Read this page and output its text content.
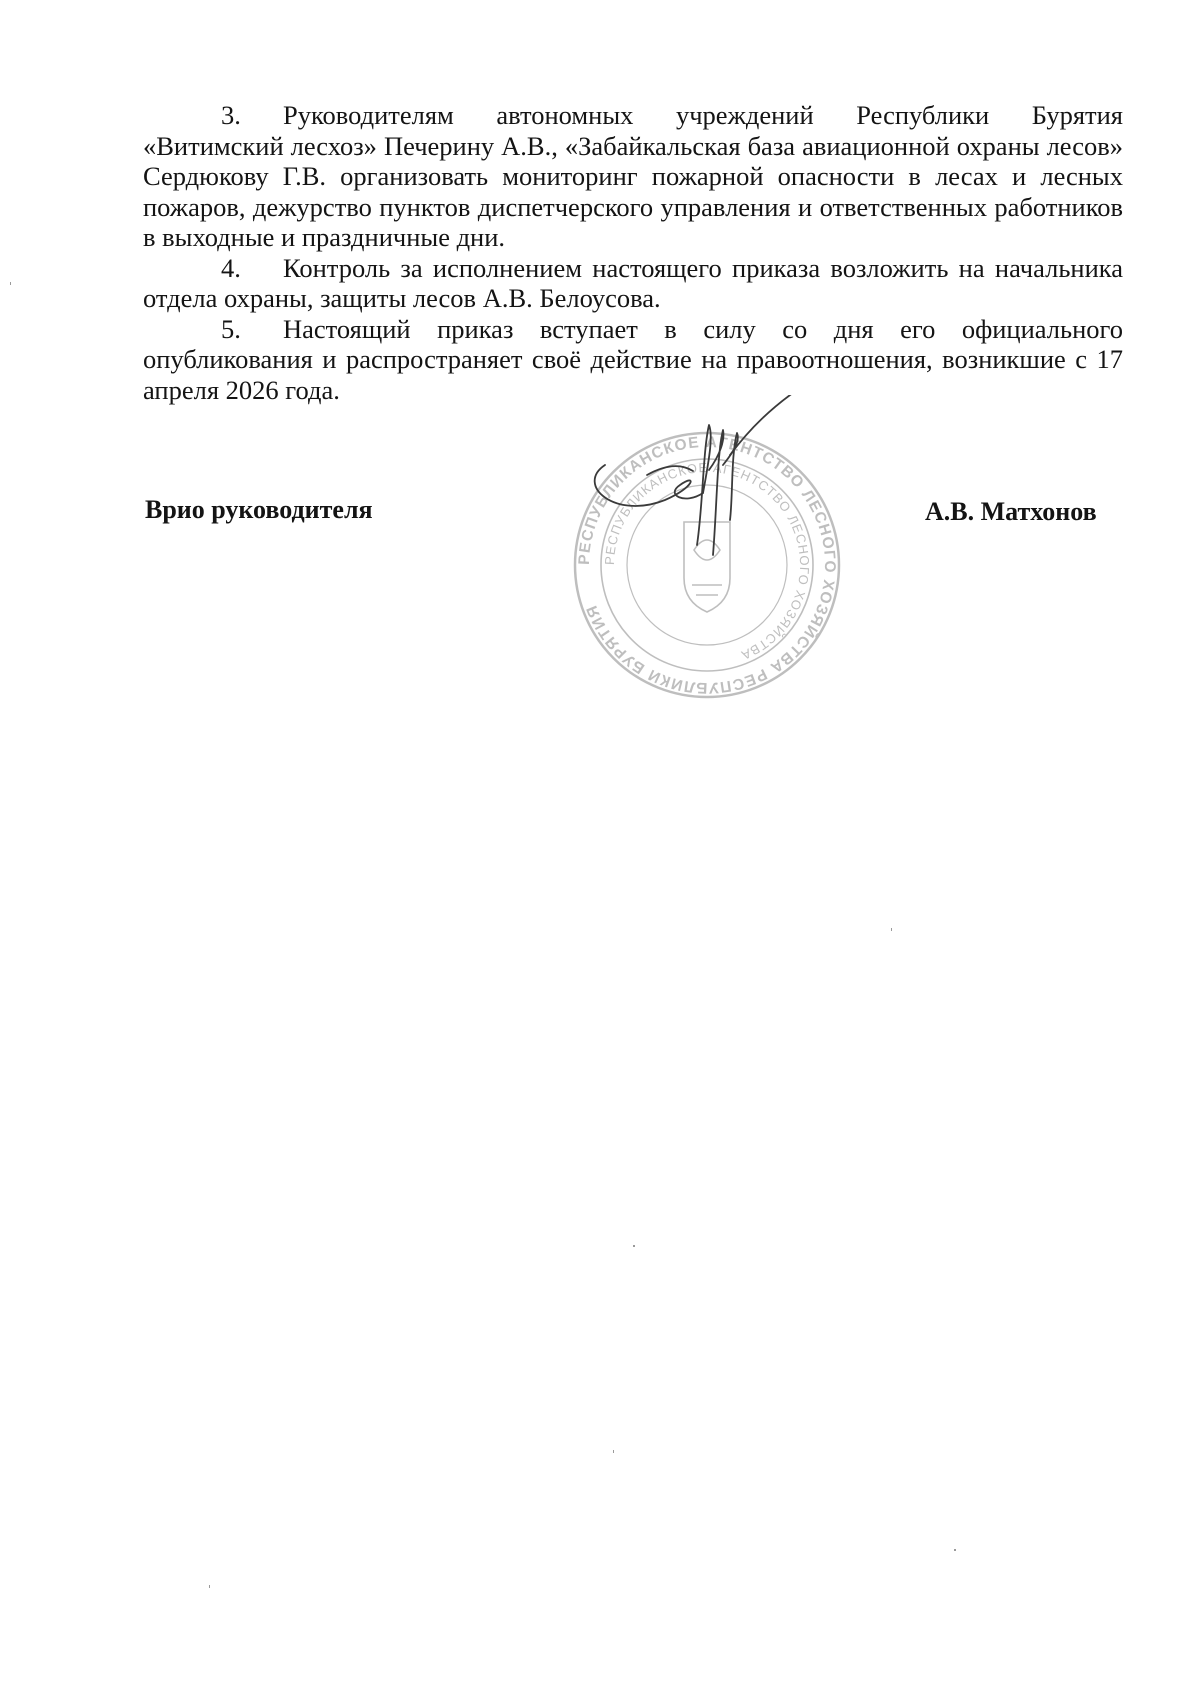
3. Руководителям автономных учреждений Республики Бурятия «Витимский лесхоз» Печерину А.В., «Забайкальская база авиационной охраны лесов» Сердюкову Г.В. организовать мониторинг пожарной опасности в лесах и лесных пожаров, дежурство пунктов диспетчерского управления и ответственных работников в выходные и праздничные дни.

4. Контроль за исполнением настоящего приказа возложить на начальника отдела охраны, защиты лесов А.В. Белоусова.

5. Настоящий приказ вступает в силу со дня его официального опубликования и распространяет своё действие на правоотношения, возникшие с 17 апреля 2026 года.

РЕСПУБЛИКАНСКОЕ АГЕНТСТВО ЛЕСНОГО ХОЗЯЙСТВА РЕСПУБЛИКИ БУРЯТИЯ
РЕСПУБЛИКАНСКОЕ АГЕНТСТВО ЛЕСНОГО ХОЗЯЙСТВА
Врио руководителя	А.В. Матхонов
